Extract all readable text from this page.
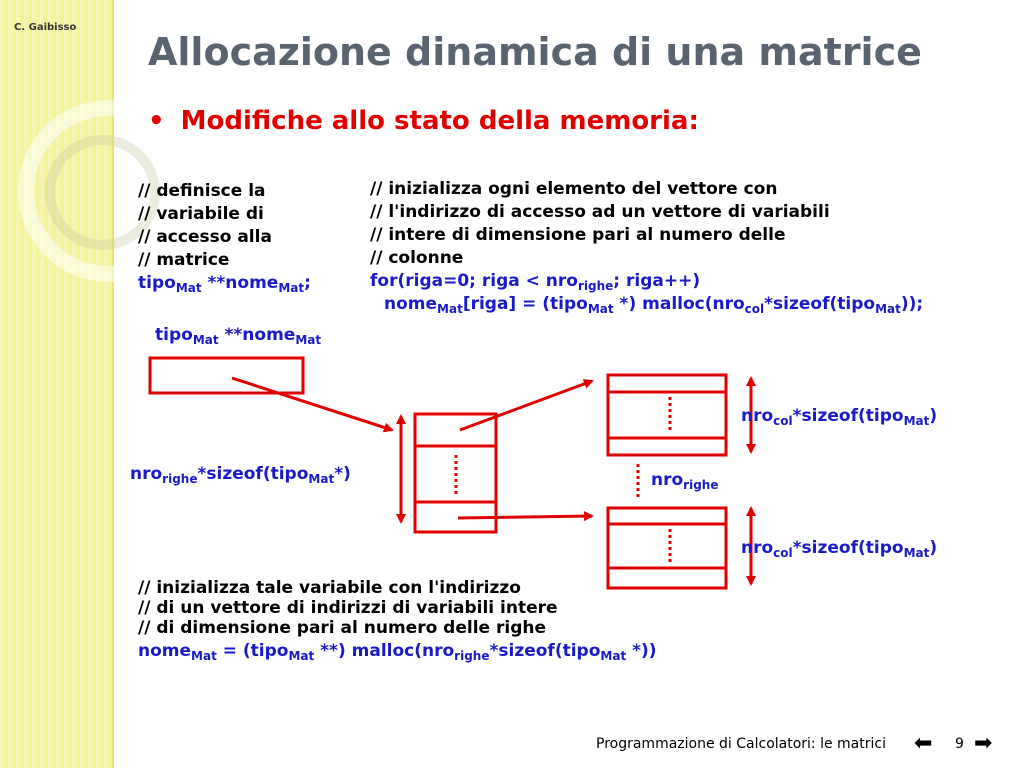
C. Gaibisso
Allocazione dinamica di una matrice
• Modifiche allo stato della memoria:
// definisce la
// variabile di
// accesso alla
// matrice
tipo$_{Mat}$ **nome$_{Mat}$;
// inizializza ogni elemento del vettore con
// l'indirizzo di accesso ad un vettore di variabili
// intere di dimensione pari al numero delle
// colonne
for(riga=0; riga < nro$_{righe}$; riga++)
nome$_{Mat}$[riga] = (tipo$_{Mat}$ *) malloc(nro$_{col}$*sizeof(tipo$_{Mat}$));
tipo$_{Mat}$ **nome$_{Mat}$
nro$_{righe}$*sizeof(tipo$_{Mat}$*)
nro$_{col}$*sizeof(tipo$_{Mat}$)
nro$_{col}$*sizeof(tipo$_{Mat}$)
nro$_{righe}$
// inizializza tale variabile con l'indirizzo
// di un vettore di indirizzi di variabili intere
// di dimensione pari al numero delle righe
nome$_{Mat}$ = (tipo$_{Mat}$ **) malloc(nro$_{righe}$*sizeof(tipo$_{Mat}$ *))
Programmazione di Calcolatori: le matrici ⬅ 9 ➡
